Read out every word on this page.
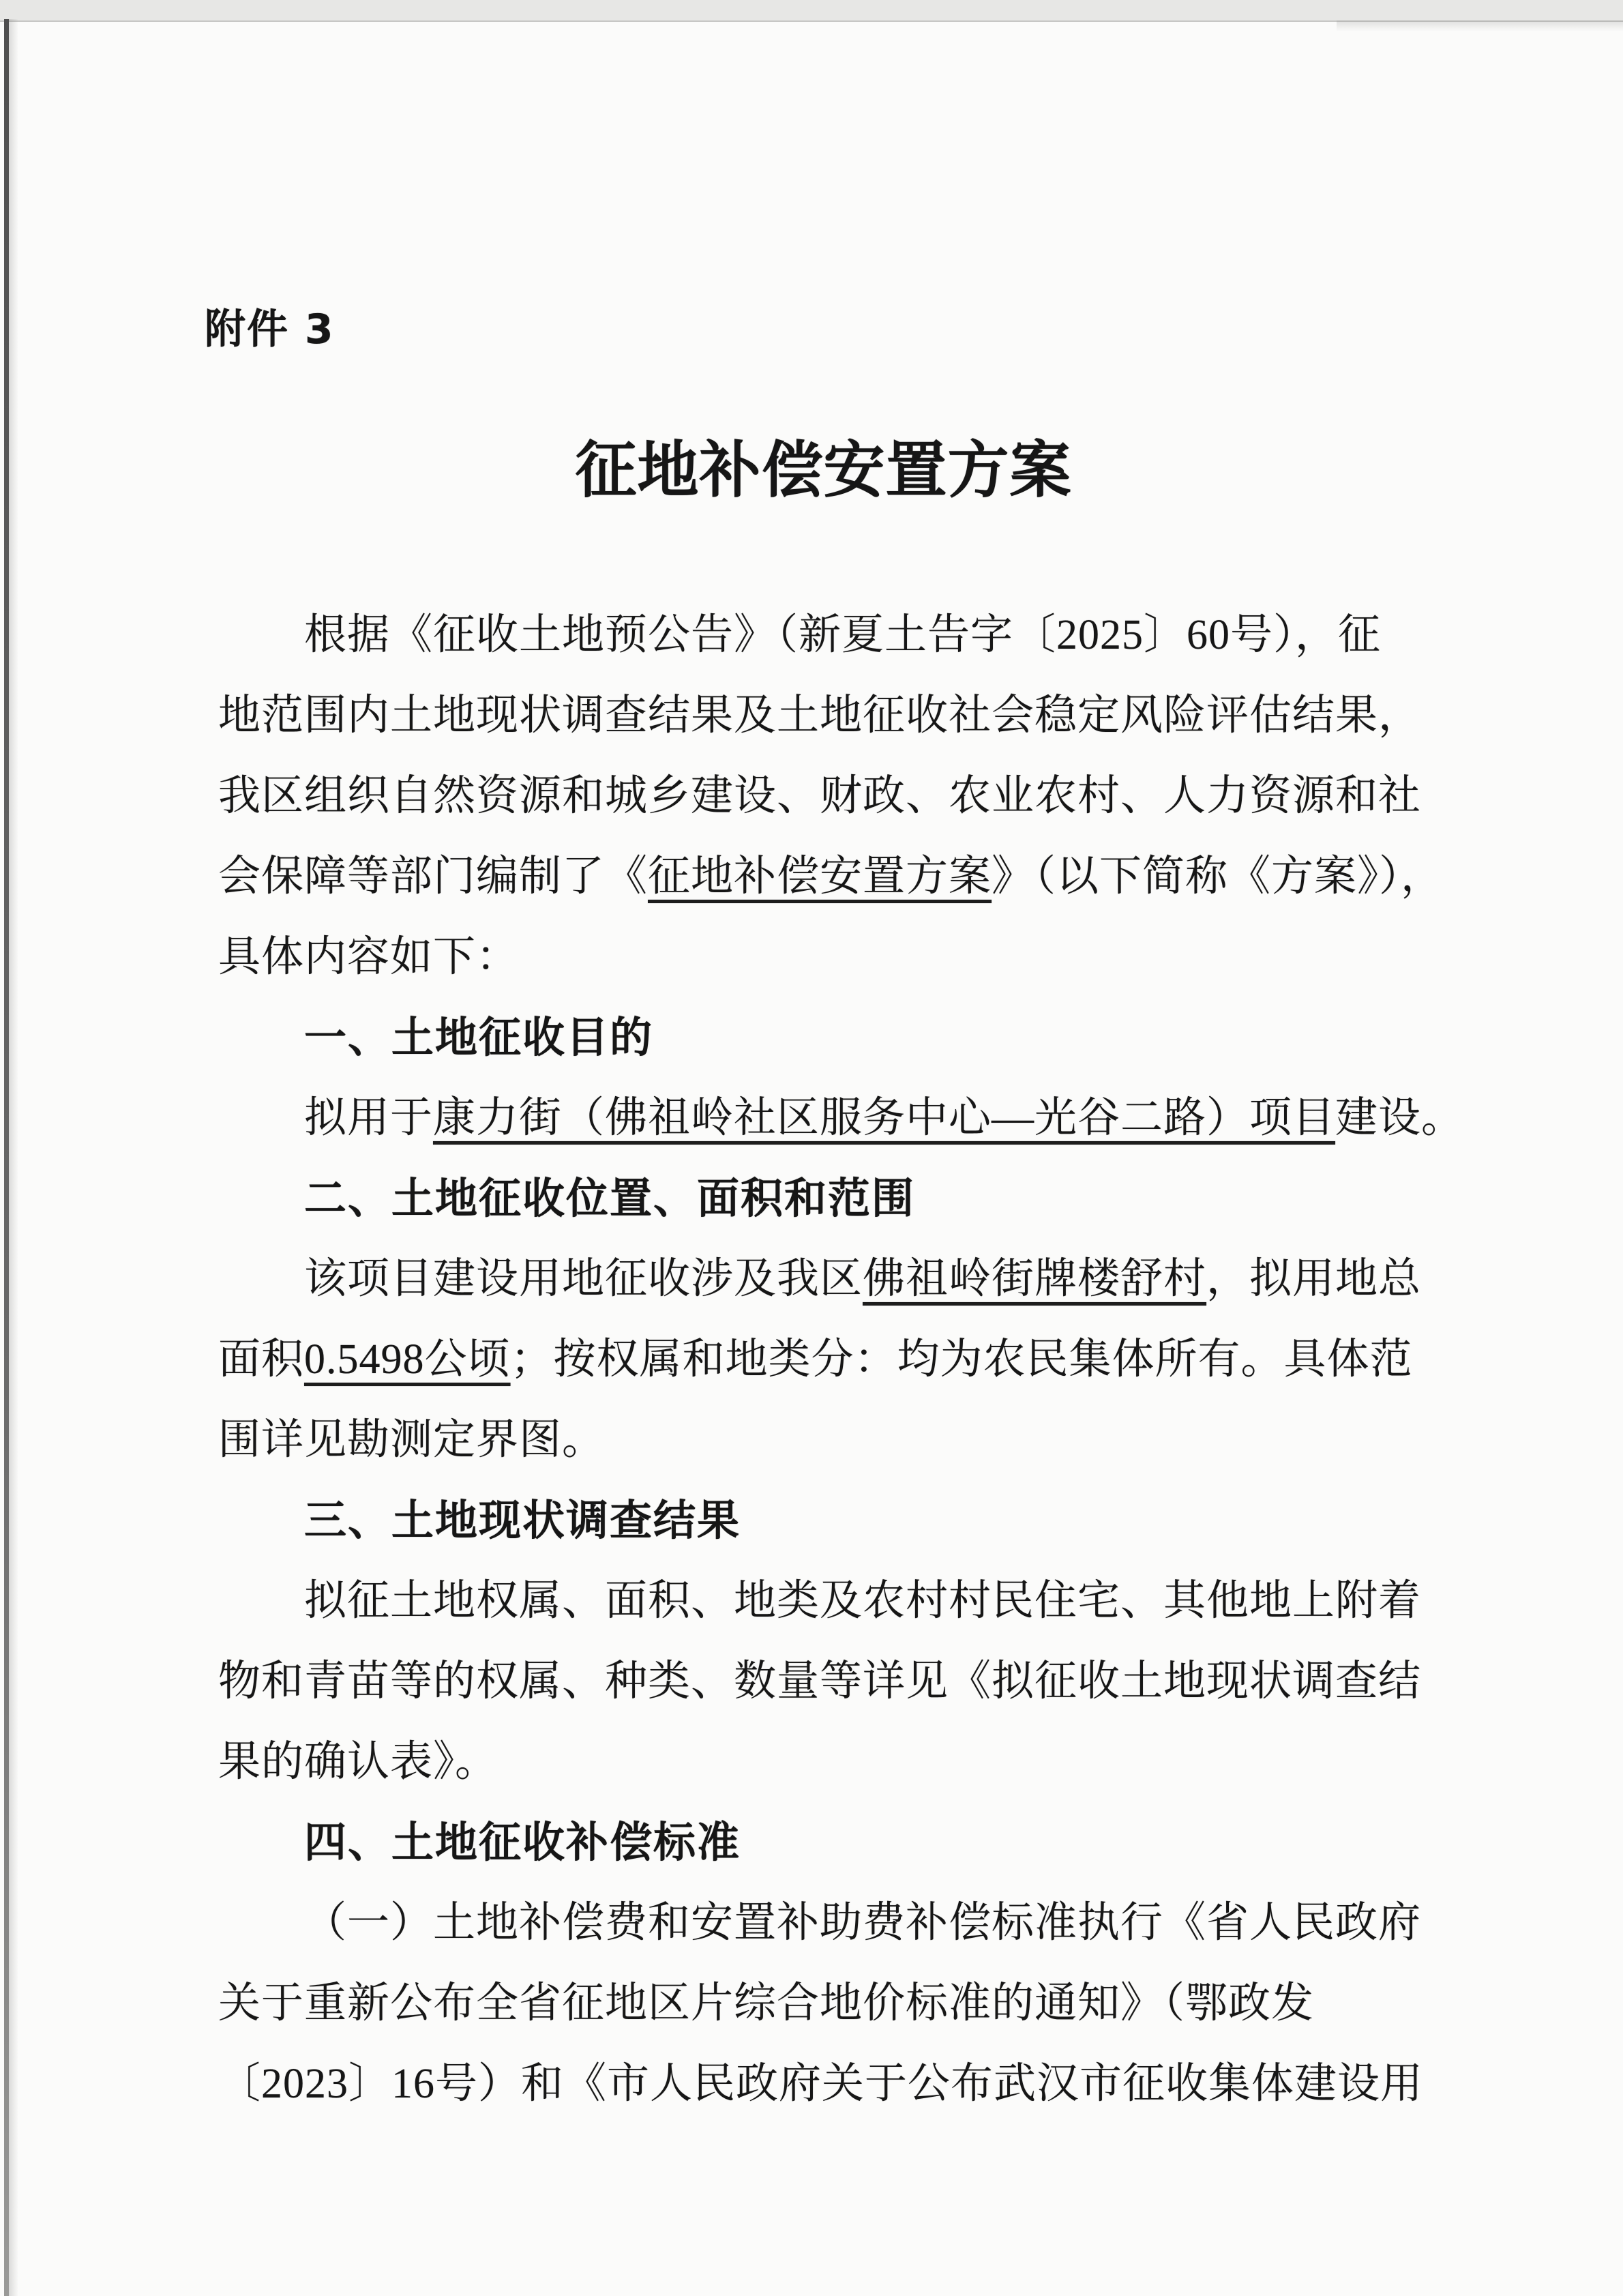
附件 3
征地补偿安置方案
根据《征收土地预公告》（新夏土告字〔2025〕60号），征
地范围内土地现状调查结果及土地征收社会稳定风险评估结果，
我区组织自然资源和城乡建设、财政、农业农村、人力资源和社
会保障等部门编制了《征地补偿安置方案》（以下简称《方案》），
具体内容如下：
一、土地征收目的
拟用于康力街（佛祖岭社区服务中心—光谷二路）项目建设。
二、土地征收位置、面积和范围
该项目建设用地征收涉及我区佛祖岭街牌楼舒村，拟用地总
面积0.5498公顷；按权属和地类分：均为农民集体所有。具体范
围详见勘测定界图。
三、土地现状调查结果
拟征土地权属、面积、地类及农村村民住宅、其他地上附着
物和青苗等的权属、种类、数量等详见《拟征收土地现状调查结
果的确认表》。
四、土地征收补偿标准
（一）土地补偿费和安置补助费补偿标准执行《省人民政府
关于重新公布全省征地区片综合地价标准的通知》（鄂政发
〔2023〕16号）和《市人民政府关于公布武汉市征收集体建设用
